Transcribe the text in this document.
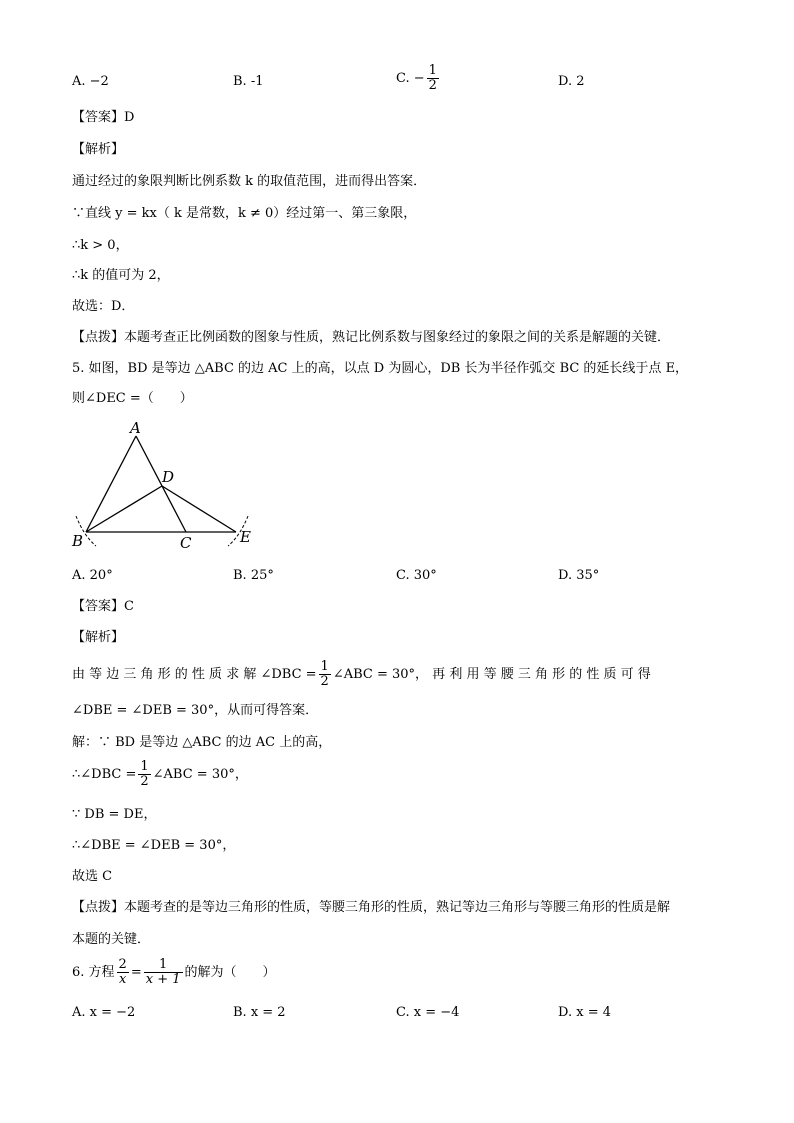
A. −2	B. -1	C. − $\frac{1}{2}$	D. 2
【答案】D
【解析】
通过经过的象限判断比例系数 k 的取值范围，进而得出答案．
∵直线 y = kx（ k 是常数，k ≠ 0）经过第一、第三象限，
∴k > 0，
∴k 的值可为 2，
故选：D．
【点拨】本题考查正比例函数的图象与性质，熟记比例系数与图象经过的象限之间的关系是解题的关键．
5. 如图，BD 是等边 △ABC 的边 AC 上的高，以点 D 为圆心，DB 长为半径作弧交 BC 的延长线于点 E，
则∠DEC =（　　）
A
B	C
D
E
A. 20°	B. 25°	C. 30°	D. 35°
【答案】C
【解析】
由 等 边 三 角 形 的 性 质 求 解 ∠DBC = $\frac{1}{2}$ ∠ABC = 30°， 再 利 用 等 腰 三 角 形 的 性 质 可 得
∠DBE = ∠DEB = 30°，从而可得答案．
解：∵ BD 是等边 △ABC 的边 AC 上的高，
∴∠DBC = $\frac{1}{2}$ ∠ABC = 30°，
∵ DB = DE，
∴∠DBE = ∠DEB = 30°，
故选 C
【点拨】本题考查的是等边三角形的性质，等腰三角形的性质，熟记等边三角形与等腰三角形的性质是解
本题的关键．
6. 方程 $\frac{2}{x} = \frac{1}{x + 1}$ 的解为（　　）
A. x = −2	B. x = 2	C. x = −4	D. x = 4
